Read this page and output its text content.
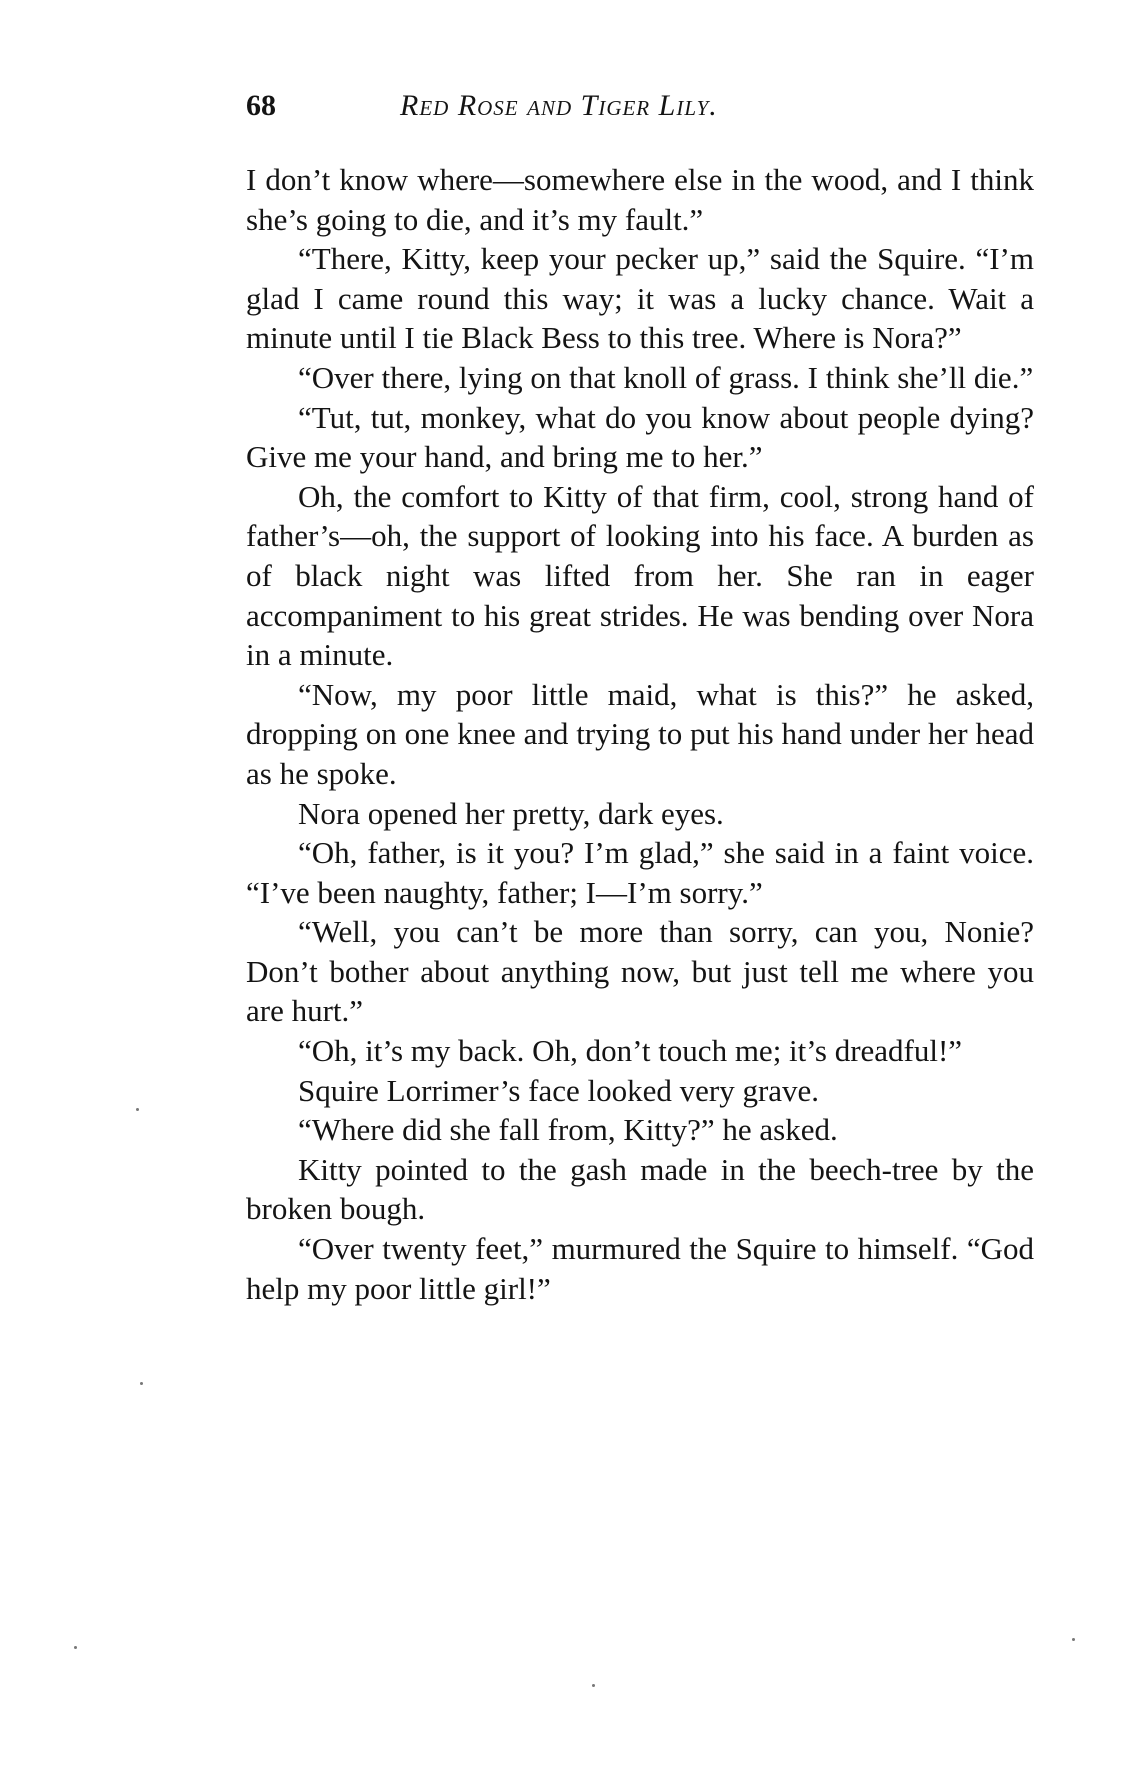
68	Red Rose and Tiger Lily.

I don’t know where—somewhere else in the wood, and I think she’s going to die, and it’s my fault.”

“There, Kitty, keep your pecker up,” said the Squire. “I’m glad I came round this way; it was a lucky chance. Wait a minute until I tie Black Bess to this tree. Where is Nora?”

“Over there, lying on that knoll of grass. I think she’ll die.”

“Tut, tut, monkey, what do you know about people dying? Give me your hand, and bring me to her.”

Oh, the comfort to Kitty of that firm, cool, strong hand of father’s—oh, the support of looking into his face. A burden as of black night was lifted from her. She ran in eager accompaniment to his great strides. He was bending over Nora in a minute.

“Now, my poor little maid, what is this?” he asked, dropping on one knee and trying to put his hand under her head as he spoke.

Nora opened her pretty, dark eyes.

“Oh, father, is it you? I’m glad,” she said in a faint voice. “I’ve been naughty, father; I—I’m sorry.”

“Well, you can’t be more than sorry, can you, Nonie? Don’t bother about anything now, but just tell me where you are hurt.”

“Oh, it’s my back. Oh, don’t touch me; it’s dreadful!”

Squire Lorrimer’s face looked very grave.

“Where did she fall from, Kitty?” he asked.

Kitty pointed to the gash made in the beech-tree by the broken bough.

“Over twenty feet,” murmured the Squire to himself. “God help my poor little girl!”
